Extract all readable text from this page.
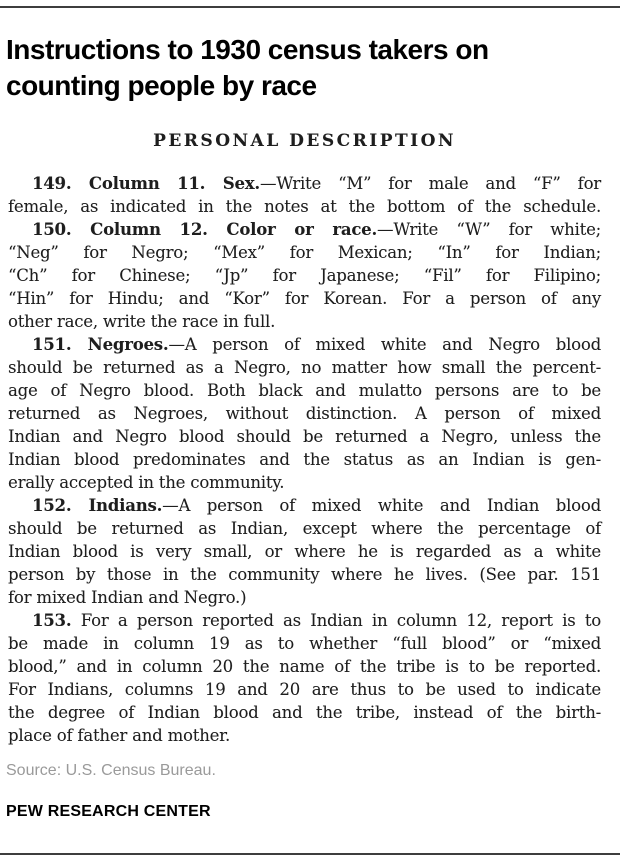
Instructions to 1930 census takers on
counting people by race
PERSONAL DESCRIPTION
149. Column 11. Sex.—Write “M” for male and “F” for
female, as indicated in the notes at the bottom of the schedule.
150. Column 12. Color or race.—Write “W” for white;
“Neg” for Negro; “Mex” for Mexican; “In” for Indian;
“Ch” for Chinese; “Jp” for Japanese; “Fil” for Filipino;
“Hin” for Hindu; and “Kor” for Korean. For a person of any
other race, write the race in full.
151. Negroes.—A person of mixed white and Negro blood
should be returned as a Negro, no matter how small the percent-
age of Negro blood. Both black and mulatto persons are to be
returned as Negroes, without distinction. A person of mixed
Indian and Negro blood should be returned a Negro, unless the
Indian blood predominates and the status as an Indian is gen-
erally accepted in the community.
152. Indians.—A person of mixed white and Indian blood
should be returned as Indian, except where the percentage of
Indian blood is very small, or where he is regarded as a white
person by those in the community where he lives. (See par. 151
for mixed Indian and Negro.)
153. For a person reported as Indian in column 12, report is to
be made in column 19 as to whether “full blood” or “mixed
blood,” and in column 20 the name of the tribe is to be reported.
For Indians, columns 19 and 20 are thus to be used to indicate
the degree of Indian blood and the tribe, instead of the birth-
place of father and mother.
Source: U.S. Census Bureau.
PEW RESEARCH CENTER
